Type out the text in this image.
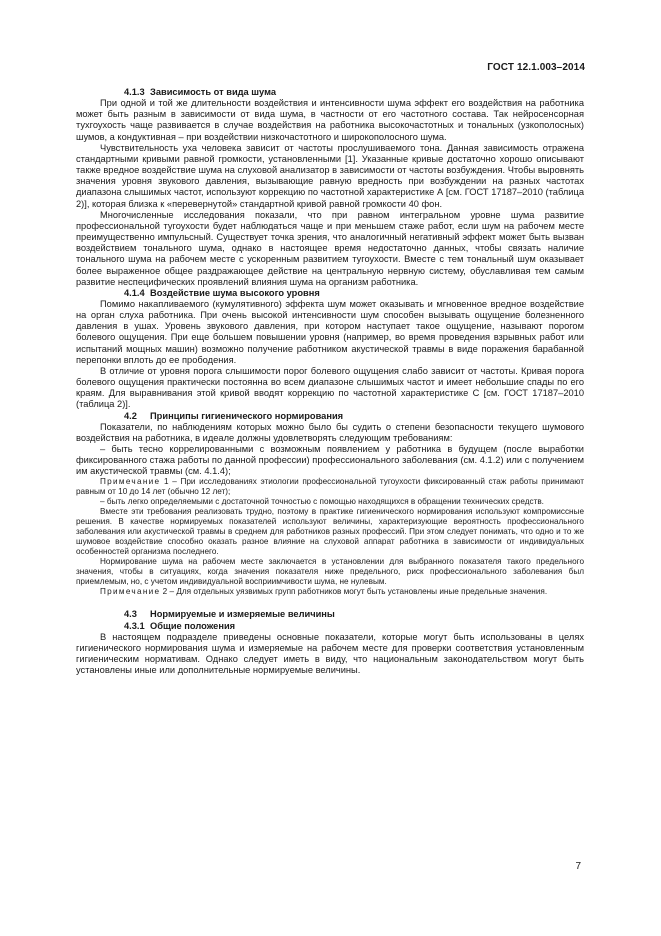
ГОСТ 12.1.003–2014
4.1.3 Зависимость от вида шума

При одной и той же длительности воздействия и интенсивности шума эффект его воздействия на работника может быть разным в зависимости от вида шума, в частности от его частотного состава. Так нейросенсорная тухгоухость чаще развивается в случае воздействия на работника высокочастотных и тональных (узкополосных) шумов, а кондуктивная – при воздействии низкочастотного и широкополосного шума.

Чувствительность уха человека зависит от частоты прослушиваемого тона. Данная зависимость отражена стандартными кривыми равной громкости, установленными [1]. Указанные кривые достаточно хорошо описывают также вредное воздействие шума на слуховой анализатор в зависимости от частоты возбуждения. Чтобы выровнять значения уровня звукового давления, вызывающие равную вредность при возбуждении на разных частотах диапазона слышимых частот, используют коррекцию по частотной характеристике А [см. ГОСТ 17187–2010 (таблица 2)], которая близка к «перевернутой» стандартной кривой равной громкости 40 фон.

Многочисленные исследования показали, что при равном интегральном уровне шума развитие профессиональной тугоухости будет наблюдаться чаще и при меньшем стаже работ, если шум на рабочем месте преимущественно импульсный. Существует точка зрения, что аналогичный негативный эффект может быть вызван воздействием тонального шума, однако в настоящее время недостаточно данных, чтобы связать наличие тонального шума на рабочем месте с ускоренным развитием тугоухости. Вместе с тем тональный шум оказывает более выраженное общее раздражающее действие на центральную нервную систему, обуславливая тем самым развитие неспецифических проявлений влияния шума на организм работника.

4.1.4 Воздействие шума высокого уровня

Помимо накапливаемого (кумулятивного) эффекта шум может оказывать и мгновенное вредное воздействие на орган слуха работника. При очень высокой интенсивности шум способен вызывать ощущение болезненного давления в ушах. Уровень звукового давления, при котором наступает такое ощущение, называют порогом болевого ощущения. При еще большем повышении уровня (например, во время проведения взрывных работ или испытаний мощных машин) возможно получение работником акустической травмы в виде поражения барабанной перепонки вплоть до ее прободения.

В отличие от уровня порога слышимости порог болевого ощущения слабо зависит от частоты. Кривая порога болевого ощущения практически постоянна во всем диапазоне слышимых частот и имеет небольшие спады по его краям. Для выравнивания этой кривой вводят коррекцию по частотной характеристике С [см. ГОСТ 17187–2010 (таблица 2)].

4.2 Принципы гигиенического нормирования

Показатели, по наблюдениям которых можно было бы судить о степени безопасности текущего шумового воздействия на работника, в идеале должны удовлетворять следующим требованиям:

– быть тесно коррелированными с возможным появлением у работника в будущем (после выработки фиксированного стажа работы по данной профессии) профессионального заболевания (см. 4.1.2) или с получением им акустической травмы (см. 4.1.4);

Примечание 1 – При исследованиях этиологии профессиональной тугоухости фиксированный стаж работы принимают равным от 10 до 14 лет (обычно 12 лет);

– быть легко определяемыми с достаточной точностью с помощью находящихся в обращении технических средств.

Вместе эти требования реализовать трудно, поэтому в практике гигиенического нормирования используют компромиссные решения. В качестве нормируемых показателей используют величины, характеризующие вероятность профессионального заболевания или акустической травмы в среднем для работников разных профессий. При этом следует понимать, что одно и то же шумовое воздействие способно оказать разное влияние на слуховой аппарат работника в зависимости от индивидуальных особенностей организма последнего.

Нормирование шума на рабочем месте заключается в установлении для выбранного показателя такого предельного значения, чтобы в ситуациях, когда значения показателя ниже предельного, риск профессионального заболевания был приемлемым, но, с учетом индивидуальной восприимчивости шума, не нулевым.

Примечание 2 – Для отдельных уязвимых групп работников могут быть установлены иные предельные значения.

4.3 Нормируемые и измеряемые величины
4.3.1 Общие положения

В настоящем подразделе приведены основные показатели, которые могут быть использованы в целях гигиенического нормирования шума и измеряемые на рабочем месте для проверки соответствия установленным гигиеническим нормативам. Однако следует иметь в виду, что национальным законодательством могут быть установлены иные или дополнительные нормируемые величины.

7
